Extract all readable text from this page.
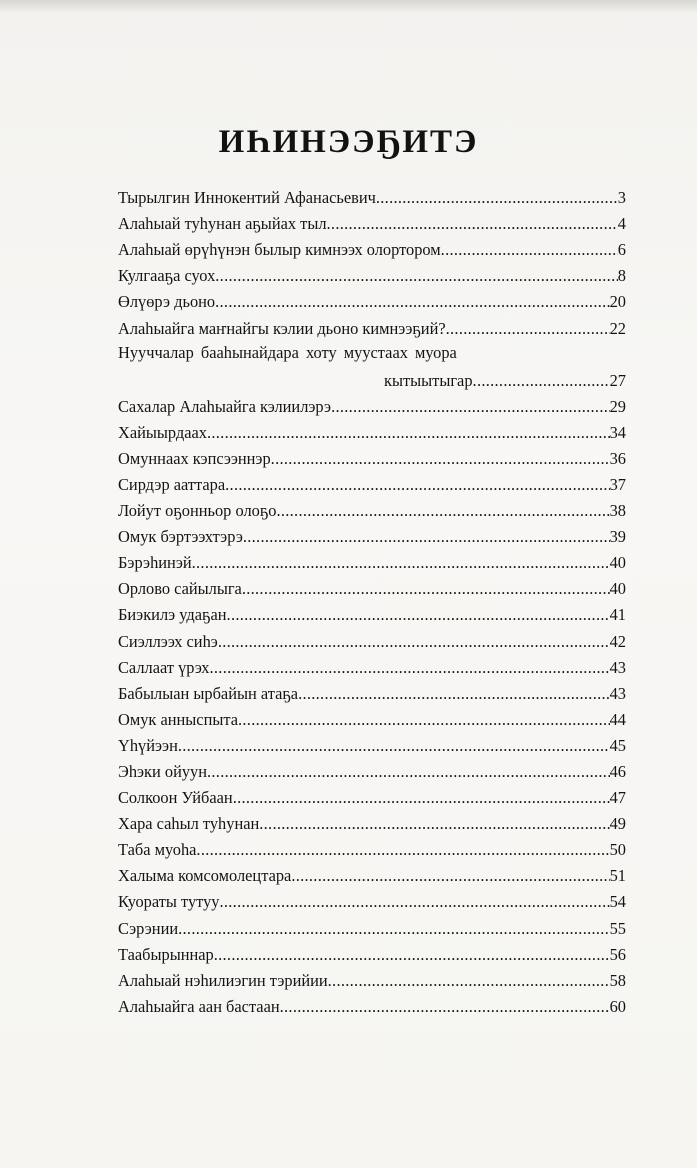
ИҺИНЭЭҔИТЭ
Тырылгин Иннокентий Афанасьевич .....	3
Алаһыай туһунан аҕыйах тыл .....	4
Алаһыай өрүһүнэн былыр кимнээх олортором .....	6
Кулгааҕа суох .....	8
Өлүөрэ дьоно .....	20
Алаһыайга маҥнайгы кэлии дьоно кимнээҕий? .....	22
Нууччалар бааһынайдара хоту муустаах муора
кытыытыгар .....	27
Сахалар Алаһыайга кэлиилэрэ .....	29
Хайыырдаах .....	34
Омуннаах кэпсээннэр .....	36
Сирдэр ааттара .....	37
Лойут оҕонньор олоҕо .....	38
Омук бэртээхтэрэ .....	39
Бэрэһинэй .....	40
Орлово сайылыга .....	40
Биэкилэ удаҕан .....	41
Сиэллээх сиһэ .....	42
Саллаат үрэх .....	43
Бабылыан ырбайын атаҕа .....	43
Омук анныспыта .....	44
Үһүйээн .....	45
Эһэки ойуун .....	46
Солкоон Уйбаан .....	47
Хара саһыл туһунан .....	49
Таба муоһа .....	50
Халыма комсомолецтара .....	51
Куораты тутуу .....	54
Сэрэнии .....	55
Таабырыннар .....	56
Алаһыай нэһилиэгин тэрийии .....	58
Алаһыайга аан бастаан .....	60
